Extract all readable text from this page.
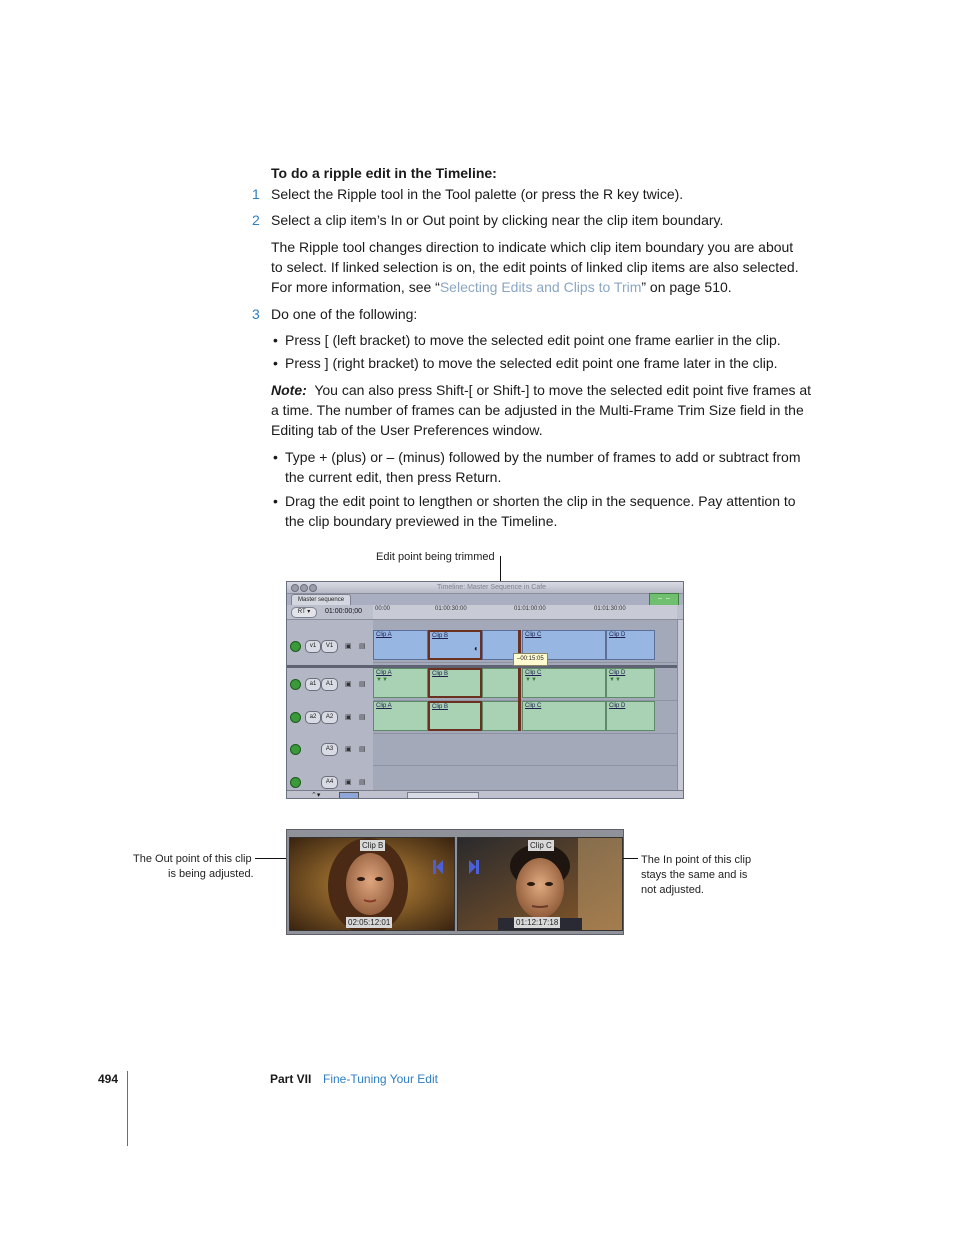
To do a ripple edit in the Timeline:
1 Select the Ripple tool in the Tool palette (or press the R key twice).
2 Select a clip item’s In or Out point by clicking near the clip item boundary.
The Ripple tool changes direction to indicate which clip item boundary you are about
to select. If linked selection is on, the edit points of linked clip items are also selected.
For more information, see “Selecting Edits and Clips to Trim” on page 510.
3 Do one of the following:
• Press [ (left bracket) to move the selected edit point one frame earlier in the clip.
• Press ] (right bracket) to move the selected edit point one frame later in the clip.
Note: You can also press Shift-[ or Shift-] to move the selected edit point five frames at
a time. The number of frames can be adjusted in the Multi-Frame Trim Size field in the
Editing tab of the User Preferences window.
• Type + (plus) or – (minus) followed by the number of frames to add or subtract from
the current edit, then press Return.
• Drag the edit point to lengthen or shorten the clip in the sequence. Pay attention to
the clip boundary previewed in the Timeline.
Edit point being trimmed
Timeline: Master Sequence in Cafe
Master sequence	⇔ ⇔
RT ▾	01:00:00;00 00:00	01:00:30:00	01:01:00:00	01:01:30:00
v1	V1	▣ ▤
a1	A1	▣ ▤
a2	A2	▣ ▤
A3	▣ ▤
A4	▣ ▤
Clip A	Clip B	Clip C	Clip D
Clip A
▼▼
Clip B	Clip C
▼▼
Clip D
▼▼
Clip A	Clip B	Clip C	Clip D
◐
–00:15:05
⌃▾
The Out point of this clip
is being adjusted.
Clip B
02:05:12:01
Clip C
01:12:17:18
The In point of this clip
stays the same and is
not adjusted.
494	Part VII Fine-Tuning Your Edit
